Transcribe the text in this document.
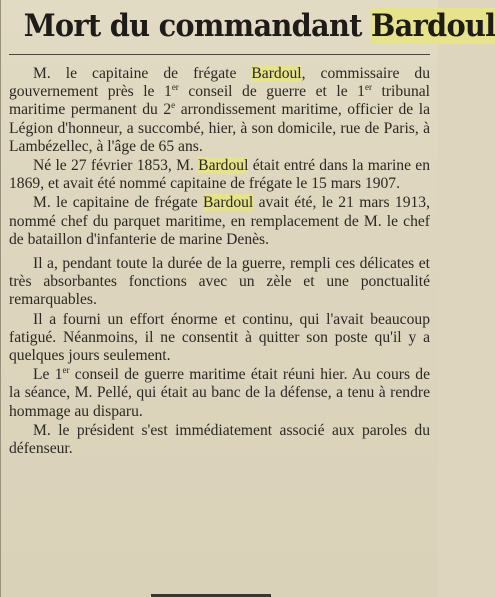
Mort du commandant Bardoul

M. le capitaine de frégate Bardoul, commissaire du gouvernement près le 1er conseil de guerre et le 1er tribunal maritime permanent du 2e arrondissement maritime, officier de la Légion d'honneur, a succombé, hier, à son domicile, rue de Paris, à Lambézellec, à l'âge de 65 ans.

Né le 27 février 1853, M. Bardoul était entré dans la marine en 1869, et avait été nommé capitaine de frégate le 15 mars 1907.

M. le capitaine de frégate Bardoul avait été, le 21 mars 1913, nommé chef du parquet maritime, en remplacement de M. le chef de bataillon d'infanterie de marine Denès.

Il a, pendant toute la durée de la guerre, rempli ces délicates et très absorbantes fonctions avec un zèle et une ponctualité remarquables.

Il a fourni un effort énorme et continu, qui l'avait beaucoup fatigué. Néanmoins, il ne consentit à quitter son poste qu'il y a quelques jours seulement.

Le 1er conseil de guerre maritime était réuni hier. Au cours de la séance, M. Pellé, qui était au banc de la défense, a tenu à rendre hommage au disparu.

M. le président s'est immédiatement associé aux paroles du défenseur.
